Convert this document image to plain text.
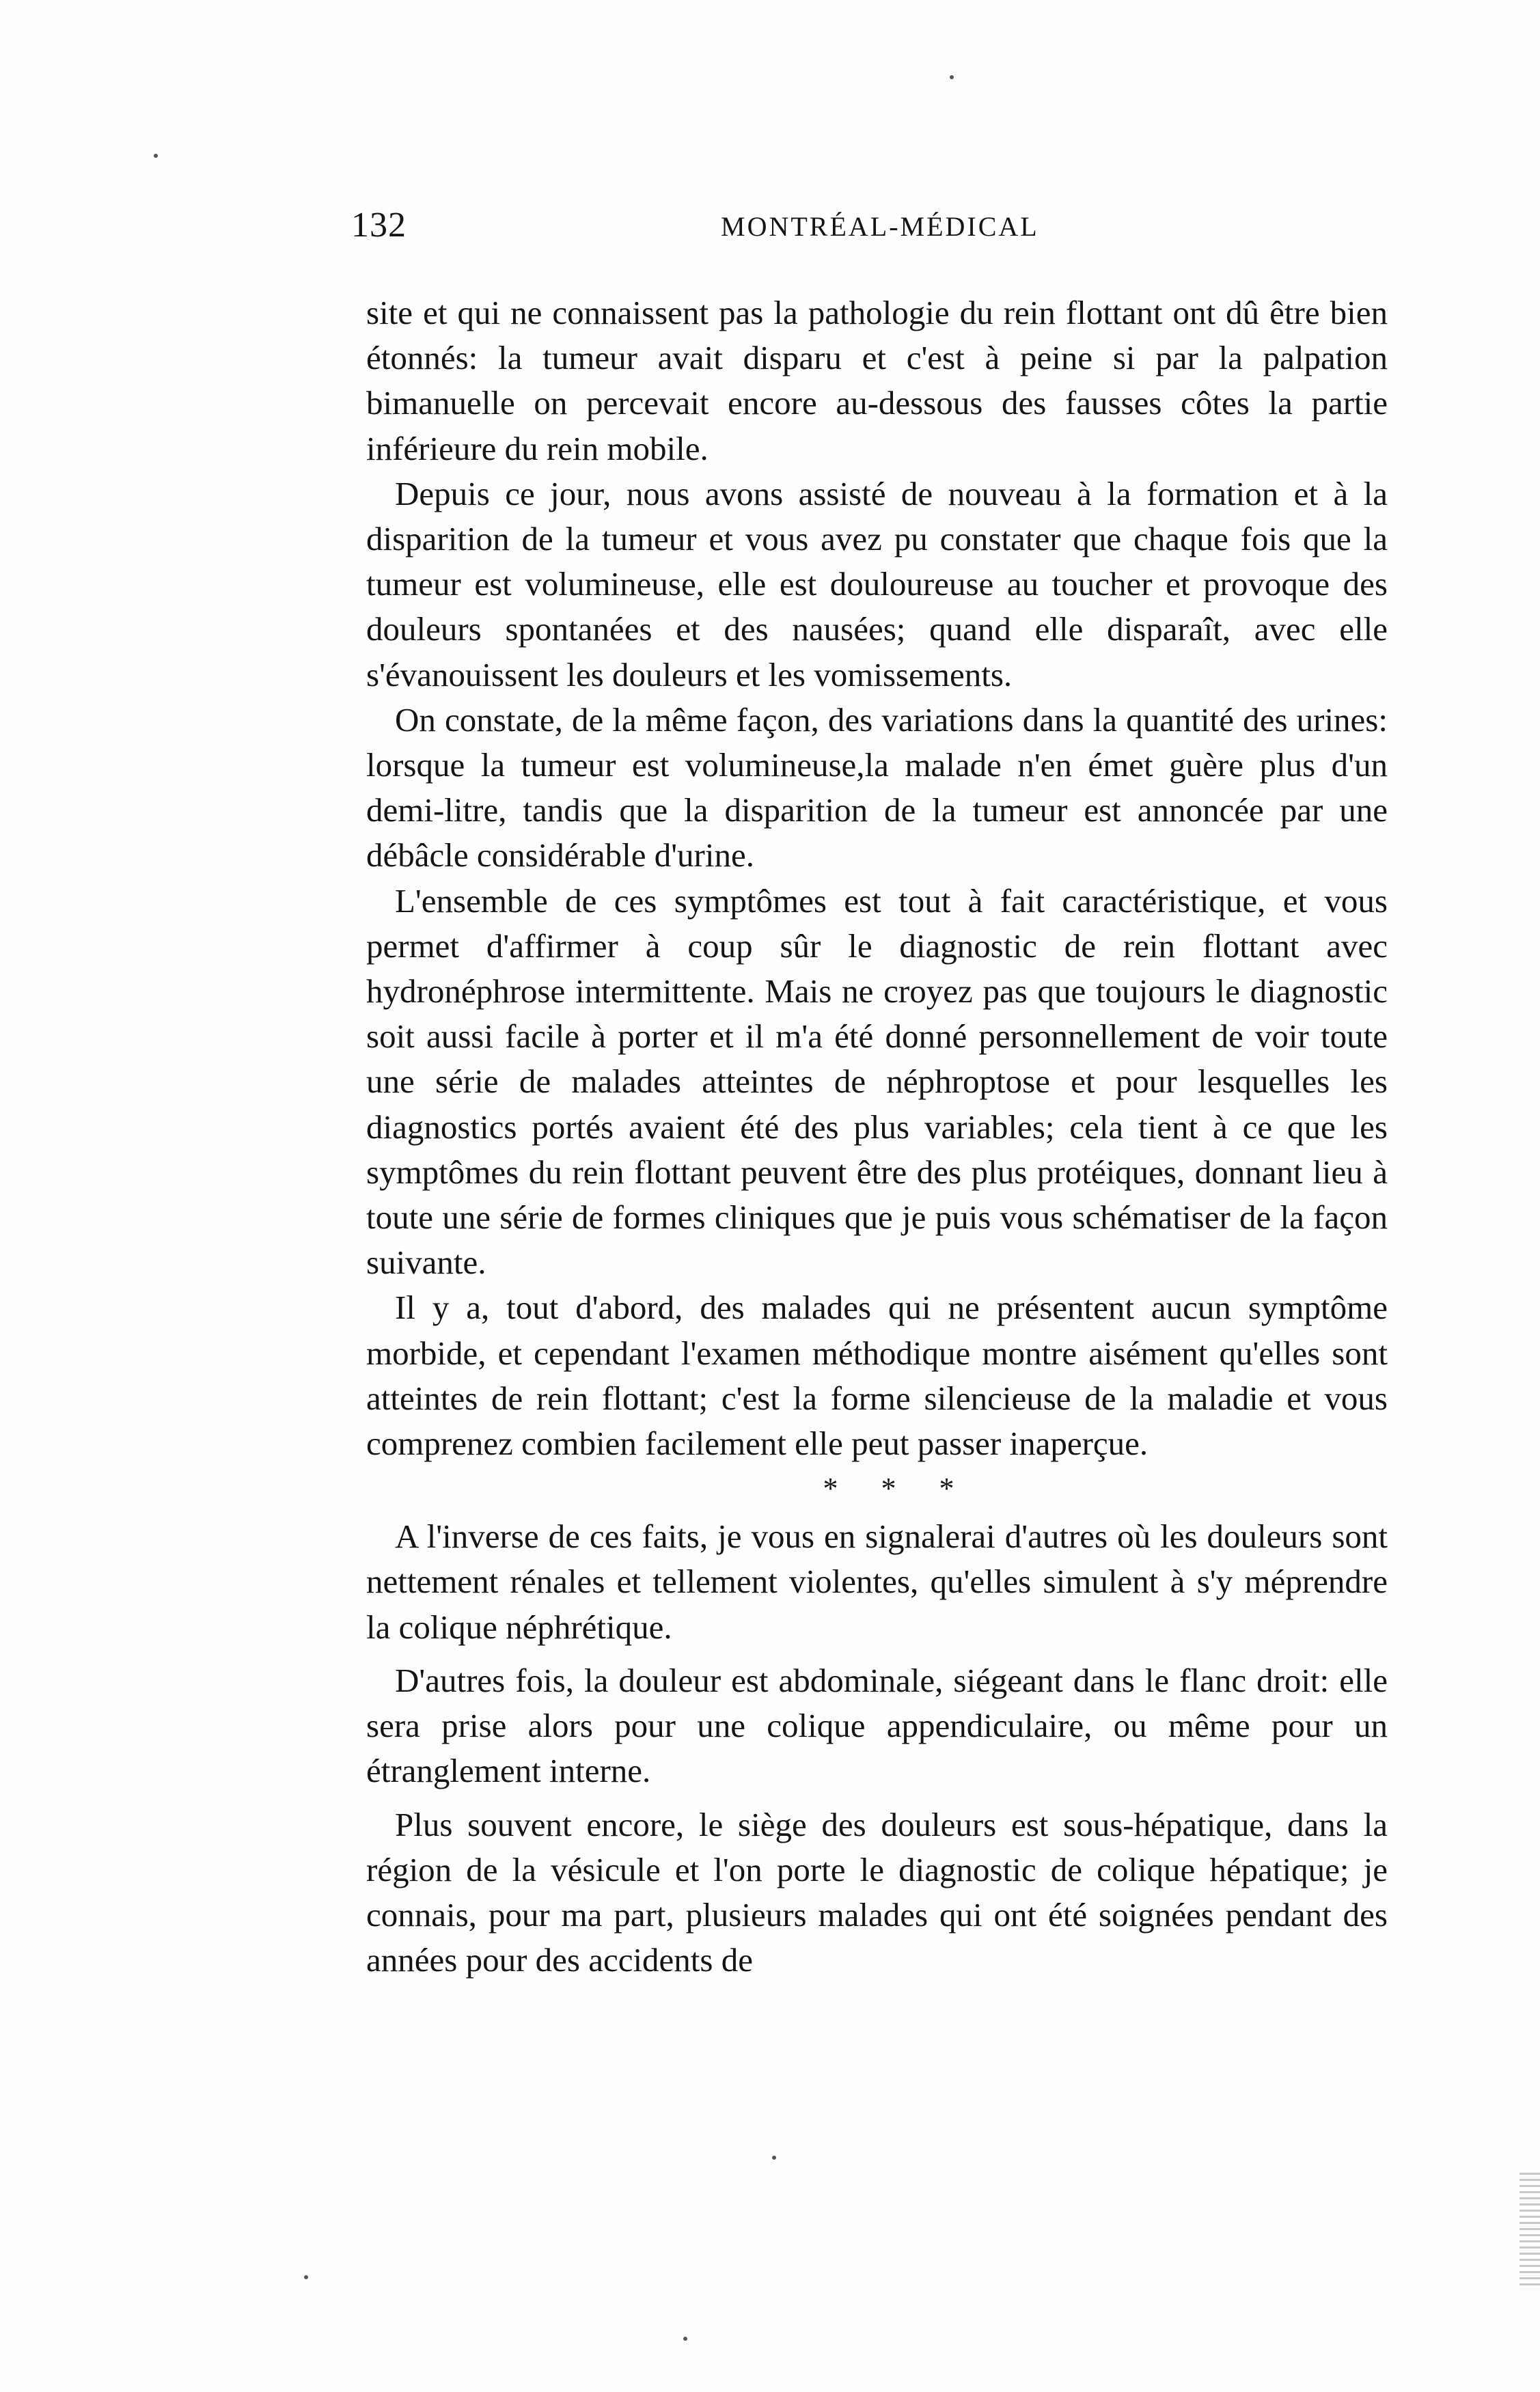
132	MONTRÉAL-MÉDICAL

site et qui ne connaissent pas la pathologie du rein flottant ont dû être bien étonnés: la tumeur avait disparu et c'est à peine si par la palpation bimanuelle on percevait encore au-dessous des fausses côtes la partie inférieure du rein mobile.

Depuis ce jour, nous avons assisté de nouveau à la formation et à la disparition de la tumeur et vous avez pu constater que chaque fois que la tumeur est volumineuse, elle est douloureuse au toucher et provoque des douleurs spontanées et des nausées; quand elle disparaît, avec elle s'évanouissent les douleurs et les vomissements.

On constate, de la même façon, des variations dans la quantité des urines: lorsque la tumeur est volumineuse,la malade n'en émet guère plus d'un demi-litre, tandis que la disparition de la tumeur est annoncée par une débâcle considérable d'urine.

L'ensemble de ces symptômes est tout à fait caractéristique, et vous permet d'affirmer à coup sûr le diagnostic de rein flottant avec hydronéphrose intermittente. Mais ne croyez pas que toujours le diagnostic soit aussi facile à porter et il m'a été donné personnellement de voir toute une série de malades atteintes de néphroptose et pour lesquelles les diagnostics portés avaient été des plus variables; cela tient à ce que les symptômes du rein flottant peuvent être des plus protéiques, donnant lieu à toute une série de formes cliniques que je puis vous schématiser de la façon suivante.

Il y a, tout d'abord, des malades qui ne présentent aucun symptôme morbide, et cependant l'examen méthodique montre aisément qu'elles sont atteintes de rein flottant; c'est la forme silencieuse de la maladie et vous comprenez combien facilement elle peut passer inaperçue.

* * *

A l'inverse de ces faits, je vous en signalerai d'autres où les douleurs sont nettement rénales et tellement violentes, qu'elles simulent à s'y méprendre la colique néphrétique.

D'autres fois, la douleur est abdominale, siégeant dans le flanc droit: elle sera prise alors pour une colique appendiculaire, ou même pour un étranglement interne.

Plus souvent encore, le siège des douleurs est sous-hépatique, dans la région de la vésicule et l'on porte le diagnostic de colique hépatique; je connais, pour ma part, plusieurs malades qui ont été soignées pendant des années pour des accidents de
